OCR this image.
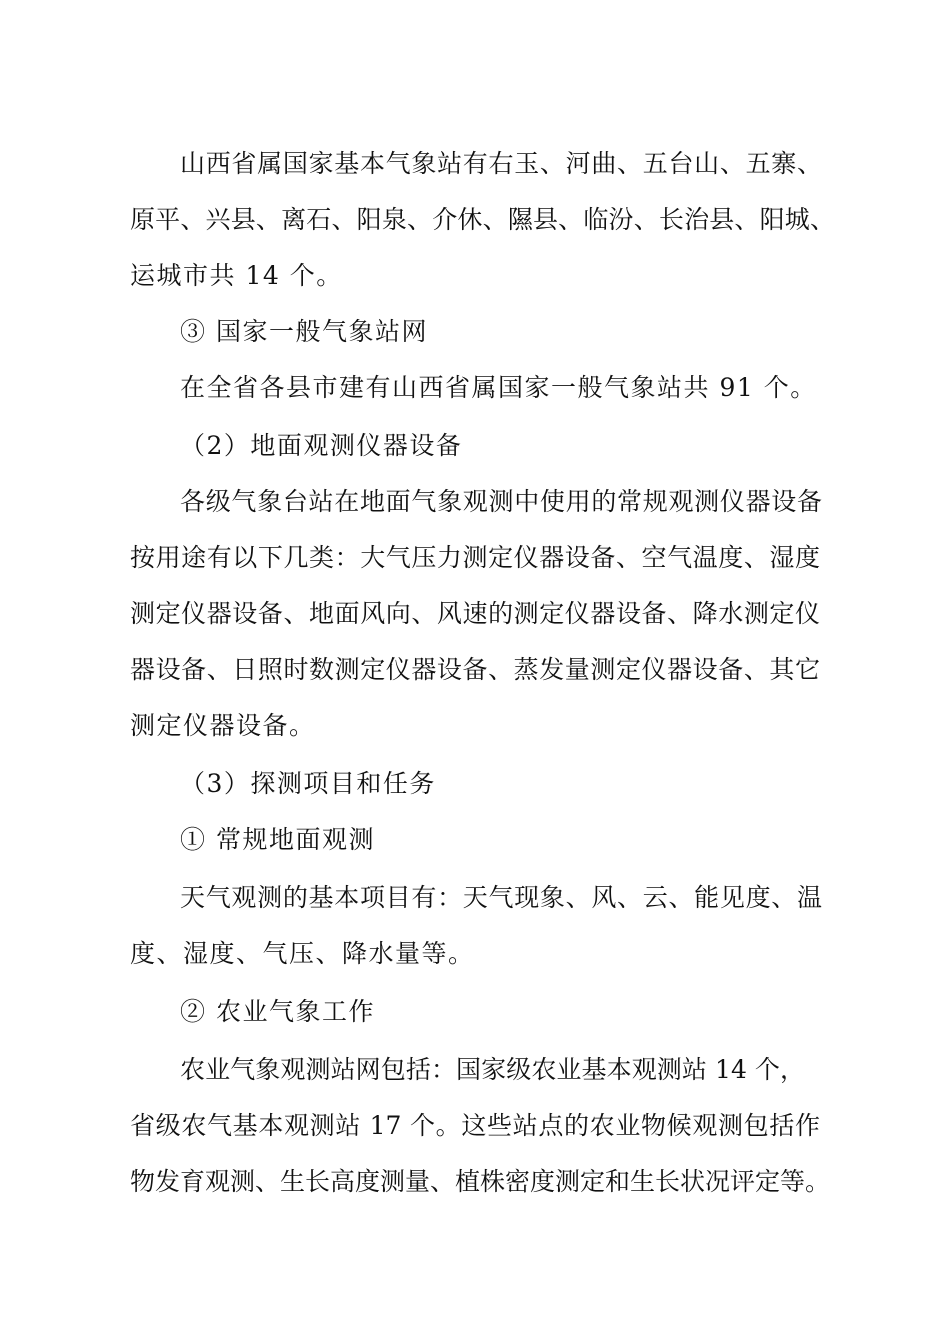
山西省属国家基本气象站有右玉、河曲、五台山、五寨、
原平、兴县、离石、阳泉、介休、隰县、临汾、长治县、阳城、
运城市共 14 个。
③ 国家一般气象站网
在全省各县市建有山西省属国家一般气象站共 91 个。
（2）地面观测仪器设备
各级气象台站在地面气象观测中使用的常规观测仪器设备
按用途有以下几类：大气压力测定仪器设备、空气温度、湿度
测定仪器设备、地面风向、风速的测定仪器设备、降水测定仪
器设备、日照时数测定仪器设备、蒸发量测定仪器设备、其它
测定仪器设备。
（3）探测项目和任务
① 常规地面观测
天气观测的基本项目有：天气现象、风、云、能见度、温
度、湿度、气压、降水量等。
② 农业气象工作
农业气象观测站网包括：国家级农业基本观测站 14 个，
省级农气基本观测站 17 个。这些站点的农业物候观测包括作
物发育观测、生长高度测量、植株密度测定和生长状况评定等。
